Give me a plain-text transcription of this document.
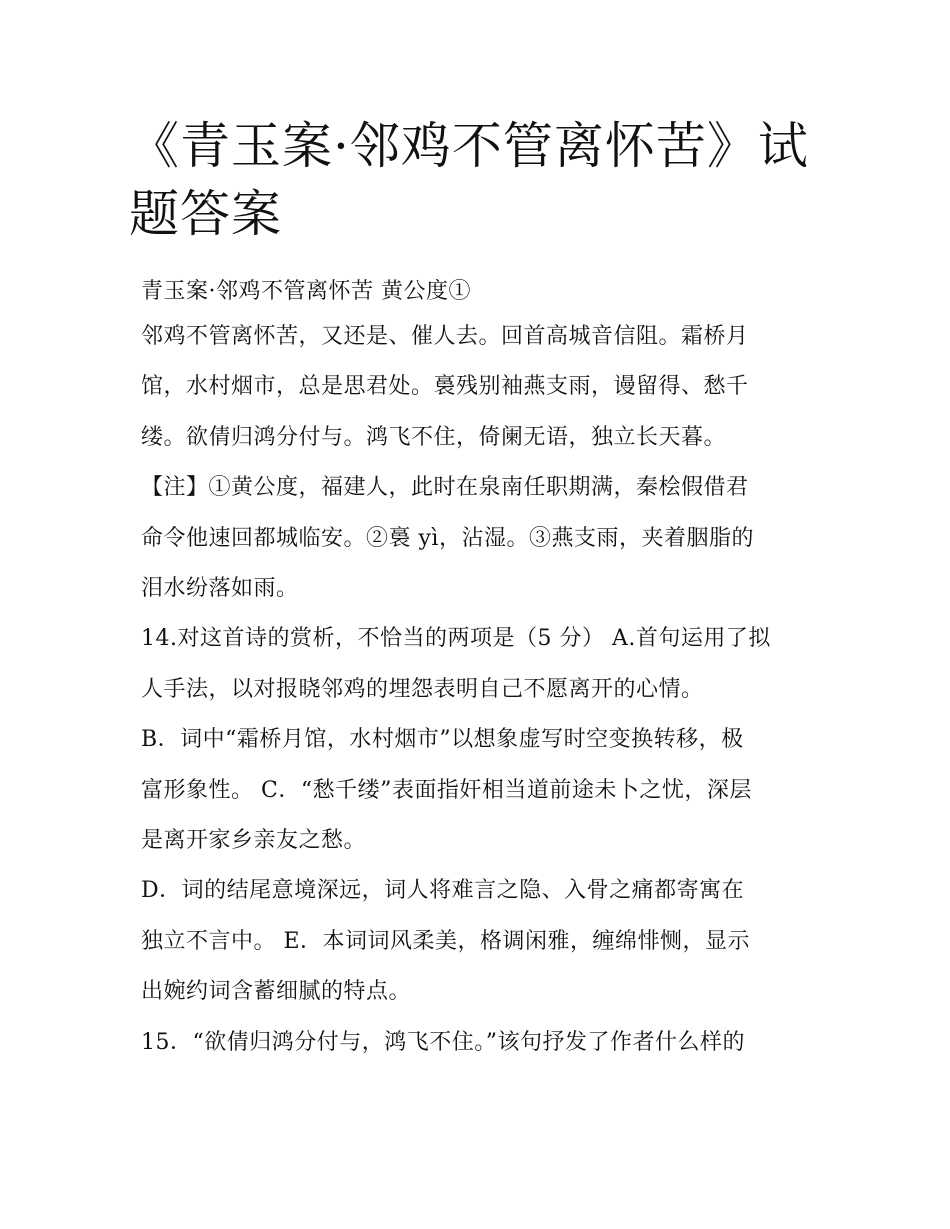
《青玉案·邻鸡不管离怀苦》试
题答案
青玉案·邻鸡不管离怀苦 黄公度①
邻鸡不管离怀苦，又还是、催人去。回首高城音信阻。霜桥月
馆，水村烟市，总是思君处。裛残别袖燕支雨，谩留得、愁千
缕。欲倩归鸿分付与。鸿飞不住，倚阑无语，独立长天暮。
【注】①黄公度，福建人，此时在泉南任职期满，秦桧假借君
命令他速回都城临安。②裛 yì，沾湿。③燕支雨，夹着胭脂的
泪水纷落如雨。
14.对这首诗的赏析，不恰当的两项是（5 分） A.首句运用了拟
人手法，以对报晓邻鸡的埋怨表明自己不愿离开的心情。
B．词中“霜桥月馆，水村烟市”以想象虚写时空变换转移，极
富形象性。 C．“愁千缕”表面指奸相当道前途未卜之忧，深层
是离开家乡亲友之愁。
D．词的结尾意境深远，词人将难言之隐、入骨之痛都寄寓在
独立不言中。 E．本词词风柔美，格调闲雅，缠绵悱恻，显示
出婉约词含蓄细腻的特点。
15．“欲倩归鸿分付与，鸿飞不住。”该句抒发了作者什么样的
